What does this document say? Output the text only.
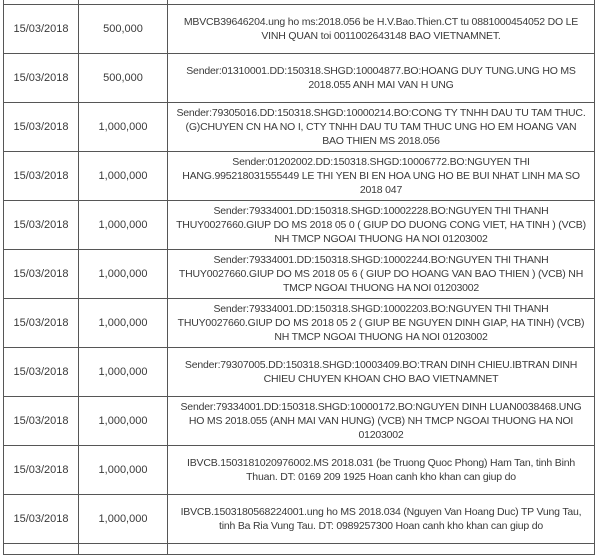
15/03/2018	500,000	MBVCB39646204.ung ho ms:2018.056 be H.V.Bao.Thien.CT tu 0881000454052 DO LE VINH QUAN toi 0011002643148 BAO VIETNAMNET.
15/03/2018	500,000	Sender:01310001.DD:150318.SHGD:10004877.BO:HOANG DUY TUNG.UNG HO MS 2018.055 ANH MAI VAN H UNG
15/03/2018	1,000,000	Sender:79305016.DD:150318.SHGD:10000214.BO:CONG TY TNHH DAU TU TAM THUC.(G)CHUYEN CN HA NO I, CTY TNHH DAU TU TAM THUC UNG HO EM HOANG VAN BAO THIEN MS 2018.056
15/03/2018	1,000,000	Sender:01202002.DD:150318.SHGD:10006772.BO:NGUYEN THI HANG.995218031555449 LE THI YEN BI EN HOA UNG HO BE BUI NHAT LINH MA SO 2018 047
15/03/2018	1,000,000	Sender:79334001.DD:150318.SHGD:10002228.BO:NGUYEN THI THANH THUY0027660.GIUP DO MS 2018 05 0 ( GIUP DO DUONG CONG VIET, HA TINH ) (VCB) NH TMCP NGOAI THUONG HA NOI 01203002
15/03/2018	1,000,000	Sender:79334001.DD:150318.SHGD:10002244.BO:NGUYEN THI THANH THUY0027660.GIUP DO MS 2018 05 6 ( GIUP DO HOANG VAN BAO THIEN ) (VCB) NH TMCP NGOAI THUONG HA NOI 01203002
15/03/2018	1,000,000	Sender:79334001.DD:150318.SHGD:10002203.BO:NGUYEN THI THANH THUY0027660.GIUP DO MS 2018 05 2 ( GIUP BE NGUYEN DINH GIAP, HA TINH) (VCB) NH TMCP NGOAI THUONG HA NOI 01203002
15/03/2018	1,000,000	Sender:79307005.DD:150318.SHGD:10003409.BO:TRAN DINH CHIEU.IBTRAN DINH CHIEU CHUYEN KHOAN CHO BAO VIETNAMNET
15/03/2018	1,000,000	Sender:79334001.DD:150318.SHGD:10000172.BO:NGUYEN DINH LUAN0038468.UNG HO MS 2018.055 (ANH MAI VAN HUNG) (VCB) NH TMCP NGOAI THUONG HA NOI 01203002
15/03/2018	1,000,000	IBVCB.1503181020976002.MS 2018.031 (be Truong Quoc Phong) Ham Tan, tinh Binh Thuan. DT: 0169 209 1925 Hoan canh kho khan can giup do
15/03/2018	1,000,000	IBVCB.1503180568224001.ung ho MS 2018.034 (Nguyen Van Hoang Duc) TP Vung Tau, tinh Ba Ria Vung Tau. DT: 0989257300 Hoan canh kho khan can giup do
